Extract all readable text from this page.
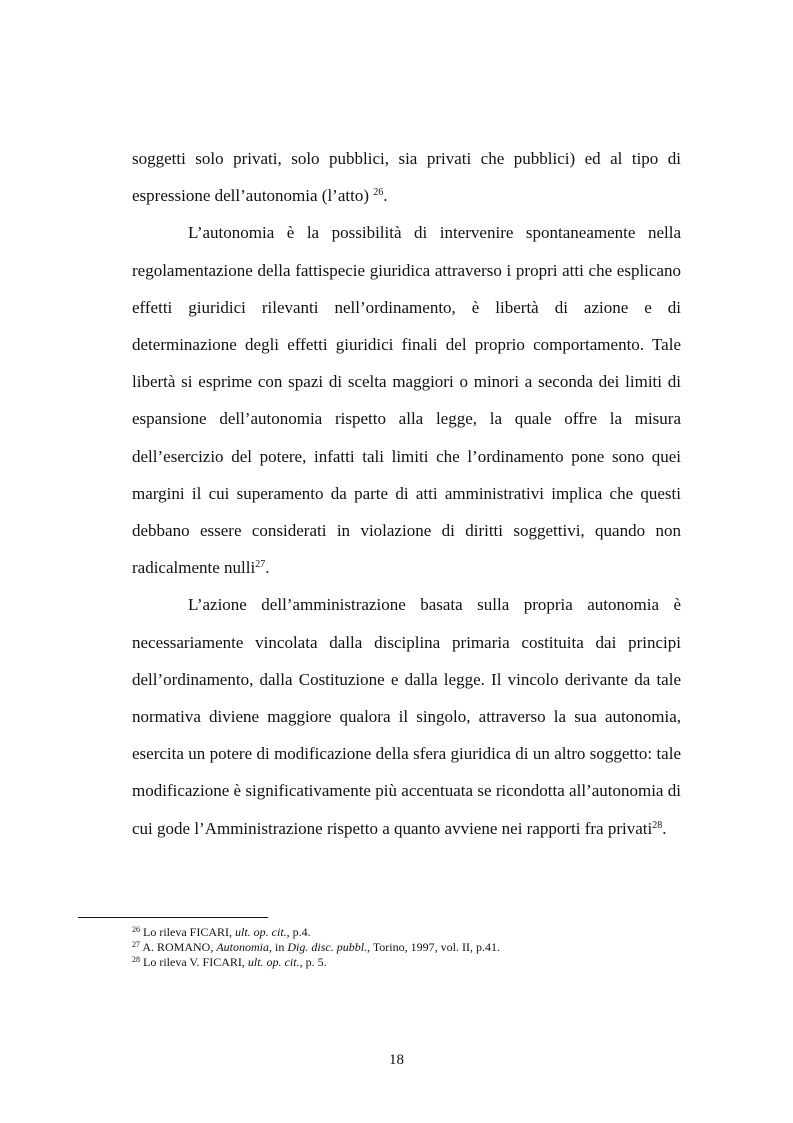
soggetti solo privati, solo pubblici, sia privati che pubblici) ed al tipo di espressione dell’autonomia (l’atto) $^{26}$.

L’autonomia è la possibilità di intervenire spontaneamente nella regolamentazione della fattispecie giuridica attraverso i propri atti che esplicano effetti giuridici rilevanti nell’ordinamento, è libertà di azione e di determinazione degli effetti giuridici finali del proprio comportamento. Tale libertà si esprime con spazi di scelta maggiori o minori a seconda dei limiti di espansione dell’autonomia rispetto alla legge, la quale offre la misura dell’esercizio del potere, infatti tali limiti che l’ordinamento pone sono quei margini il cui superamento da parte di atti amministrativi implica che questi debbano essere considerati in violazione di diritti soggettivi, quando non radicalmente nulli$^{27}$.

L’azione dell’amministrazione basata sulla propria autonomia è necessariamente vincolata dalla disciplina primaria costituita dai principi dell’ordinamento, dalla Costituzione e dalla legge. Il vincolo derivante da tale normativa diviene maggiore qualora il singolo, attraverso la sua autonomia, esercita un potere di modificazione della sfera giuridica di un altro soggetto: tale modificazione è significativamente più accentuata se ricondotta all’autonomia di cui gode l’Amministrazione rispetto a quanto avviene nei rapporti fra privati$^{28}$.

$^{26}$ Lo rileva FICARI, ult. op. cit., p.4.

$^{27}$ A. ROMANO, Autonomia, in Dig. disc. pubbl., Torino, 1997, vol. II, p.41.

$^{28}$ Lo rileva V. FICARI, ult. op. cit., p. 5.

18
